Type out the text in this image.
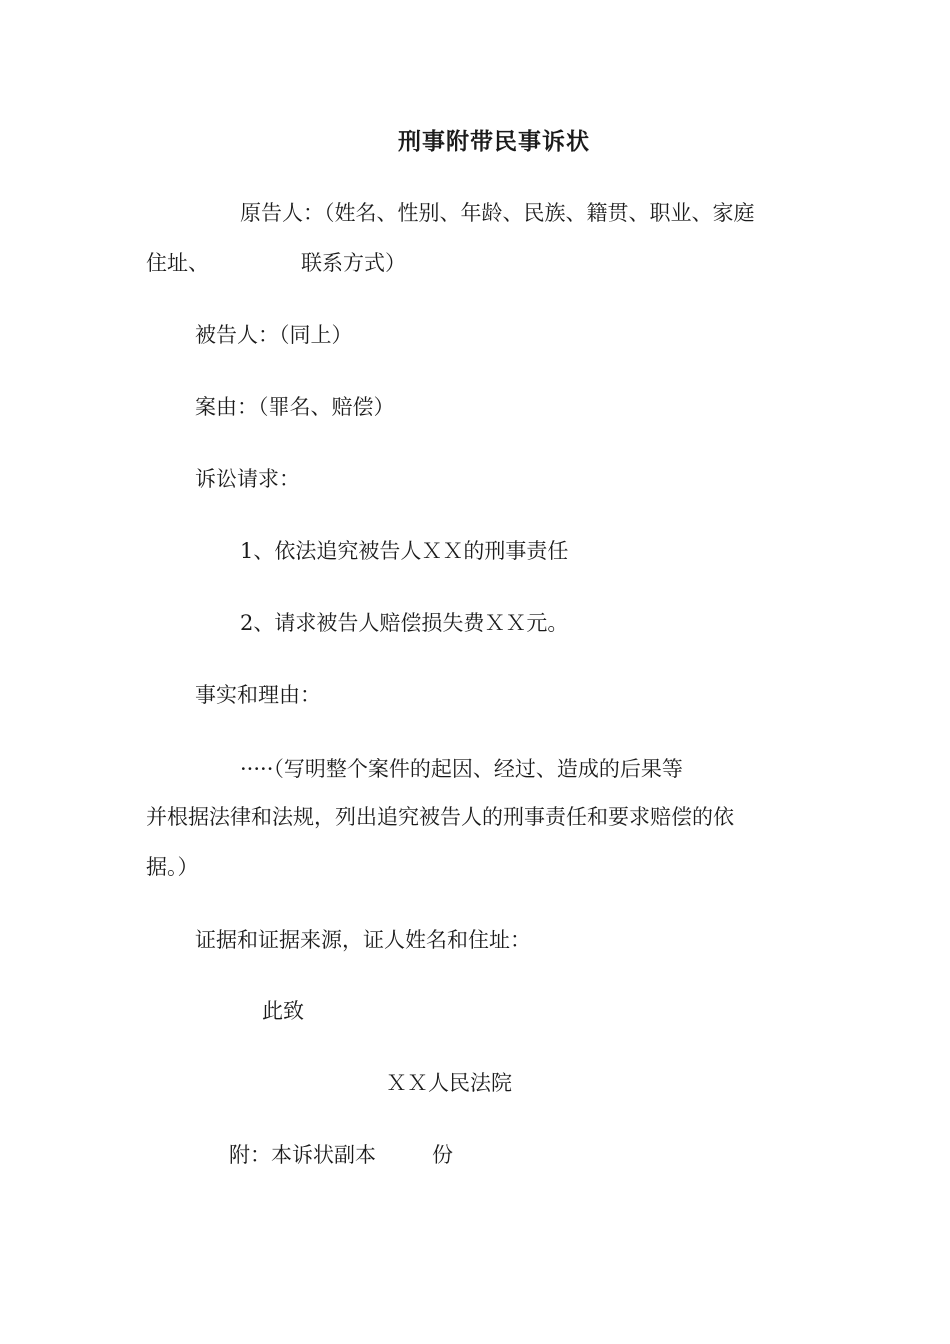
刑事附带民事诉状
原告人：（姓名、性别、年龄、民族、籍贯、职业、家庭
住址、	联系方式）
被告人：（同上）
案由：（罪名、赔偿）
诉讼请求：
1、依法追究被告人ＸＸ的刑事责任
2、请求被告人赔偿损失费ＸＸ元。
事实和理由：
·····（写明整个案件的起因、经过、造成的后果等
并根据法律和法规，列出追究被告人的刑事责任和要求赔偿的依
据。）
证据和证据来源，证人姓名和住址：
此致
ＸＸ人民法院
附：本诉状副本	份
